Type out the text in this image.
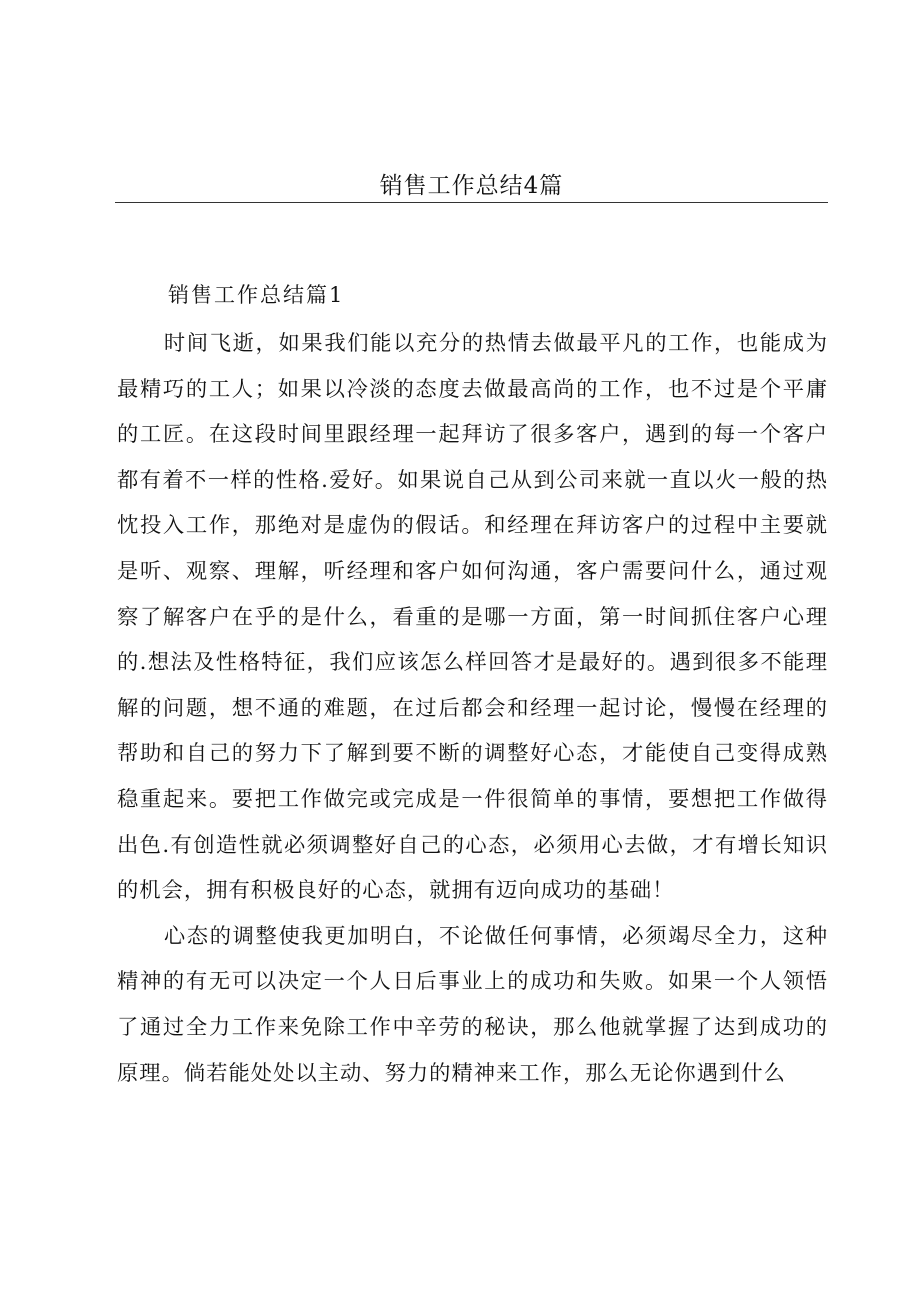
销售工作总结4篇
销售工作总结篇1

时间飞逝，如果我们能以充分的热情去做最平凡的工作，也能成为最精巧的工人；如果以冷淡的态度去做最高尚的工作，也不过是个平庸的工匠。在这段时间里跟经理一起拜访了很多客户，遇到的每一个客户都有着不一样的性格.爱好。如果说自己从到公司来就一直以火一般的热忱投入工作，那绝对是虚伪的假话。和经理在拜访客户的过程中主要就是听、观察、理解，听经理和客户如何沟通，客户需要问什么，通过观察了解客户在乎的是什么，看重的是哪一方面，第一时间抓住客户心理的.想法及性格特征，我们应该怎么样回答才是最好的。遇到很多不能理解的问题，想不通的难题，在过后都会和经理一起讨论，慢慢在经理的帮助和自己的努力下了解到要不断的调整好心态，才能使自己变得成熟稳重起来。要把工作做完或完成是一件很简单的事情，要想把工作做得出色.有创造性就必须调整好自己的心态，必须用心去做，才有增长知识的机会，拥有积极良好的心态，就拥有迈向成功的基础！

心态的调整使我更加明白，不论做任何事情，必须竭尽全力，这种精神的有无可以决定一个人日后事业上的成功和失败。如果一个人领悟了通过全力工作来免除工作中辛劳的秘诀，那么他就掌握了达到成功的原理。倘若能处处以主动、努力的精神来工作，那么无论你遇到什么
